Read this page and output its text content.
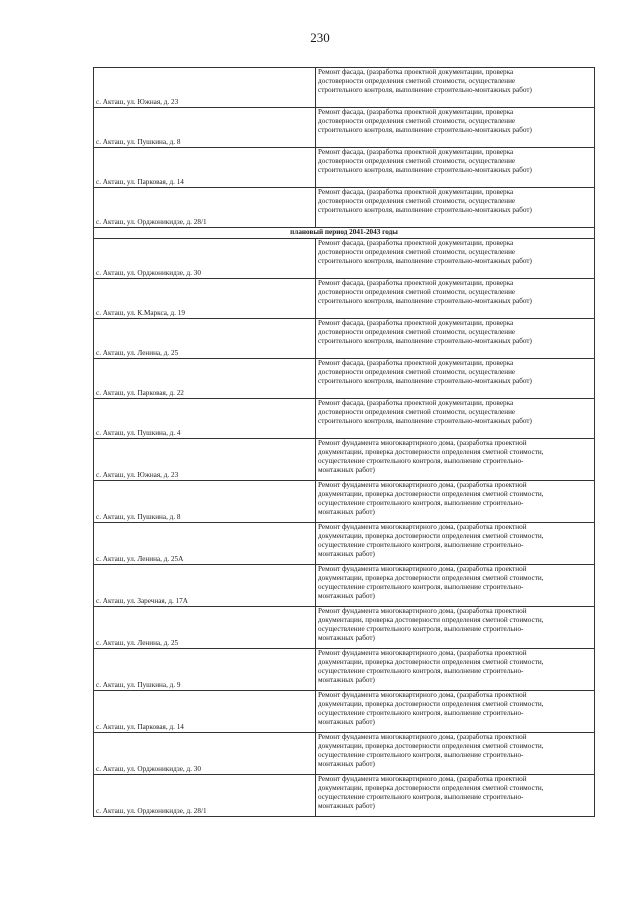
230
с. Акташ, ул. Южная, д. 23	Ремонт фасада, (разработка проектной документации, проверка
достоверности определения сметной стоимости, осуществление
строительного контроля, выполнение строительно-монтажных работ)
с. Акташ, ул. Пушкина, д. 8	Ремонт фасада, (разработка проектной документации, проверка
достоверности определения сметной стоимости, осуществление
строительного контроля, выполнение строительно-монтажных работ)
с. Акташ, ул. Парковая, д. 14	Ремонт фасада, (разработка проектной документации, проверка
достоверности определения сметной стоимости, осуществление
строительного контроля, выполнение строительно-монтажных работ)
с. Акташ, ул. Орджоникидзе, д. 28/1	Ремонт фасада, (разработка проектной документации, проверка
достоверности определения сметной стоимости, осуществление
строительного контроля, выполнение строительно-монтажных работ)
плановый период 2041-2043 годы	
с. Акташ, ул. Орджоникидзе, д. 30	Ремонт фасада, (разработка проектной документации, проверка
достоверности определения сметной стоимости, осуществление
строительного контроля, выполнение строительно-монтажных работ)
с. Акташ, ул. К.Маркса, д. 19	Ремонт фасада, (разработка проектной документации, проверка
достоверности определения сметной стоимости, осуществление
строительного контроля, выполнение строительно-монтажных работ)
с. Акташ, ул. Ленина, д. 25	Ремонт фасада, (разработка проектной документации, проверка
достоверности определения сметной стоимости, осуществление
строительного контроля, выполнение строительно-монтажных работ)
с. Акташ, ул. Парковая, д. 22	Ремонт фасада, (разработка проектной документации, проверка
достоверности определения сметной стоимости, осуществление
строительного контроля, выполнение строительно-монтажных работ)
с. Акташ, ул. Пушкина, д. 4	Ремонт фасада, (разработка проектной документации, проверка
достоверности определения сметной стоимости, осуществление
строительного контроля, выполнение строительно-монтажных работ)
с. Акташ, ул. Южная, д. 23	Ремонт фундамента многоквартирного дома, (разработка проектной
документации, проверка достоверности определения сметной стоимости,
осуществление строительного контроля, выполнение строительно-
монтажных работ)
с. Акташ, ул. Пушкина, д. 8	Ремонт фундамента многоквартирного дома, (разработка проектной
документации, проверка достоверности определения сметной стоимости,
осуществление строительного контроля, выполнение строительно-
монтажных работ)
с. Акташ, ул. Ленина, д. 25А	Ремонт фундамента многоквартирного дома, (разработка проектной
документации, проверка достоверности определения сметной стоимости,
осуществление строительного контроля, выполнение строительно-
монтажных работ)
с. Акташ, ул. Заречная, д. 17А	Ремонт фундамента многоквартирного дома, (разработка проектной
документации, проверка достоверности определения сметной стоимости,
осуществление строительного контроля, выполнение строительно-
монтажных работ)
с. Акташ, ул. Ленина, д. 25	Ремонт фундамента многоквартирного дома, (разработка проектной
документации, проверка достоверности определения сметной стоимости,
осуществление строительного контроля, выполнение строительно-
монтажных работ)
с. Акташ, ул. Пушкина, д. 9	Ремонт фундамента многоквартирного дома, (разработка проектной
документации, проверка достоверности определения сметной стоимости,
осуществление строительного контроля, выполнение строительно-
монтажных работ)
с. Акташ, ул. Парковая, д. 14	Ремонт фундамента многоквартирного дома, (разработка проектной
документации, проверка достоверности определения сметной стоимости,
осуществление строительного контроля, выполнение строительно-
монтажных работ)
с. Акташ, ул. Орджоникидзе, д. 30	Ремонт фундамента многоквартирного дома, (разработка проектной
документации, проверка достоверности определения сметной стоимости,
осуществление строительного контроля, выполнение строительно-
монтажных работ)
с. Акташ, ул. Орджоникидзе, д. 28/1	Ремонт фундамента многоквартирного дома, (разработка проектной
документации, проверка достоверности определения сметной стоимости,
осуществление строительного контроля, выполнение строительно-
монтажных работ)
